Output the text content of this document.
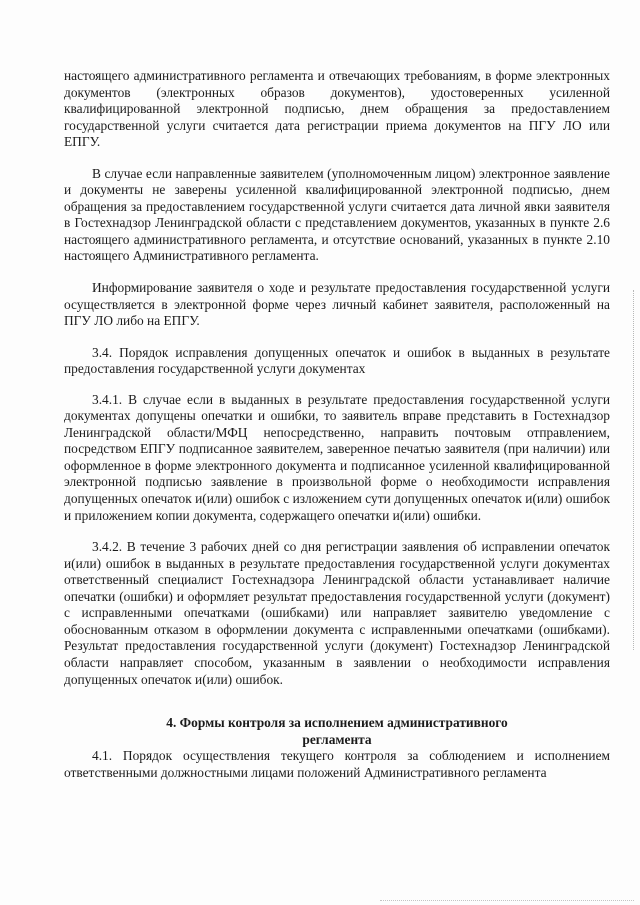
настоящего административного регламента и отвечающих требованиям, в форме электронных документов (электронных образов документов), удостоверенных усиленной квалифицированной электронной подписью, днем обращения за предоставлением государственной услуги считается дата регистрации приема документов на ПГУ ЛО или ЕПГУ.

В случае если направленные заявителем (уполномоченным лицом) электронное заявление и документы не заверены усиленной квалифицированной электронной подписью, днем обращения за предоставлением государственной услуги считается дата личной явки заявителя в Гостехнадзор Ленинградской области с представлением документов, указанных в пункте 2.6 настоящего административного регламента, и отсутствие оснований, указанных в пункте 2.10 настоящего Административного регламента.

Информирование заявителя о ходе и результате предоставления государственной услуги осуществляется в электронной форме через личный кабинет заявителя, расположенный на ПГУ ЛО либо на ЕПГУ.

3.4. Порядок исправления допущенных опечаток и ошибок в выданных в результате предоставления государственной услуги документах

3.4.1. В случае если в выданных в результате предоставления государственной услуги документах допущены опечатки и ошибки, то заявитель вправе представить в Гостехнадзор Ленинградской области/МФЦ непосредственно, направить почтовым отправлением, посредством ЕПГУ подписанное заявителем, заверенное печатью заявителя (при наличии) или оформленное в форме электронного документа и подписанное усиленной квалифицированной электронной подписью заявление в произвольной форме о необходимости исправления допущенных опечаток и(или) ошибок с изложением сути допущенных опечаток и(или) ошибок и приложением копии документа, содержащего опечатки и(или) ошибки.

3.4.2. В течение 3 рабочих дней со дня регистрации заявления об исправлении опечаток и(или) ошибок в выданных в результате предоставления государственной услуги документах ответственный специалист Гостехнадзора Ленинградской области устанавливает наличие опечатки (ошибки) и оформляет результат предоставления государственной услуги (документ) с исправленными опечатками (ошибками) или направляет заявителю уведомление с обоснованным отказом в оформлении документа с исправленными опечатками (ошибками). Результат предоставления государственной услуги (документ) Гостехнадзор Ленинградской области направляет способом, указанным в заявлении о необходимости исправления допущенных опечаток и(или) ошибок.

4. Формы контроля за исполнением административного
регламента

4.1. Порядок осуществления текущего контроля за соблюдением и исполнением ответственными должностными лицами положений Административного регламента
